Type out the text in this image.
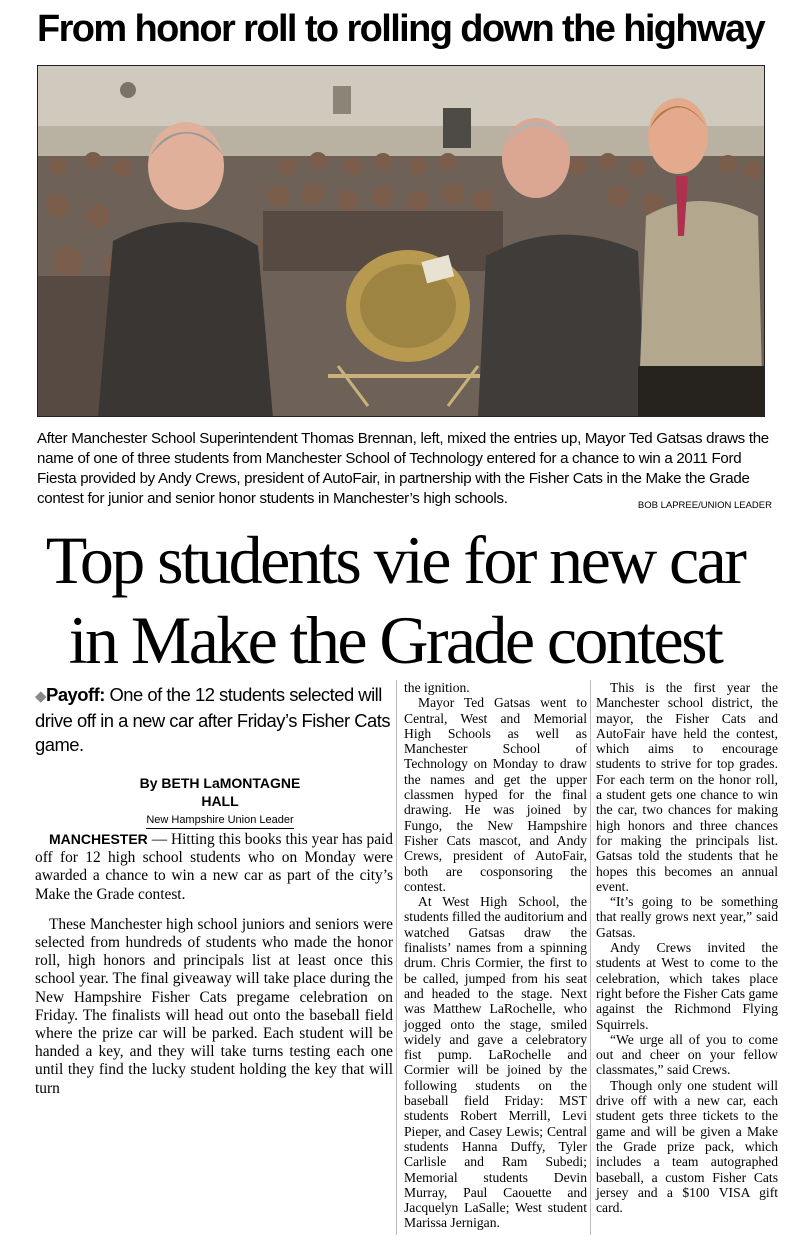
From honor roll to rolling down the highway
After Manchester School Superintendent Thomas Brennan, left, mixed the entries up, Mayor Ted Gatsas draws the name of one of three students from Manchester School of Technology entered for a chance to win a 2011 Ford Fiesta provided by Andy Crews, president of AutoFair, in partnership with the Fisher Cats in the Make the Grade contest for junior and senior honor students in Manchester’s high schools.	BOB LAPREE/UNION LEADER
Top students vie for new car
in Make the Grade contest
◆Payoff: One of the 12 students selected will drive off in a new car after Friday’s Fisher Cats game.
By BETH LaMONTAGNE HALL
New Hampshire Union Leader

MANCHESTER — Hitting this books this year has paid off for 12 high school students who on Monday were awarded a chance to win a new car as part of the city’s Make the Grade contest.

These Manchester high school juniors and seniors were selected from hundreds of students who made the honor roll, high honors and principals list at least once this school year. The final giveaway will take place during the New Hampshire Fisher Cats pregame celebration on Friday. The finalists will head out onto the baseball field where the prize car will be parked. Each student will be handed a key, and they will take turns testing each one until they find the lucky student holding the key that will turn

the ignition.

Mayor Ted Gatsas went to Central, West and Memorial High Schools as well as Manchester School of Technology on Monday to draw the names and get the upper classmen hyped for the final drawing. He was joined by Fungo, the New Hampshire Fisher Cats mascot, and Andy Crews, president of AutoFair, both are cosponsoring the contest.

At West High School, the students filled the auditorium and watched Gatsas draw the finalists’ names from a spinning drum. Chris Cormier, the first to be called, jumped from his seat and headed to the stage. Next was Matthew LaRochelle, who jogged onto the stage, smiled widely and gave a celebratory fist pump. LaRochelle and Cormier will be joined by the following students on the baseball field Friday: MST students Robert Merrill, Levi Pieper, and Casey Lewis; Central students Hanna Duffy, Tyler Carlisle and Ram Subedi; Memorial students Devin Murray, Paul Caouette and Jacquelyn LaSalle; West student Marissa Jernigan.

This is the first year the Manchester school district, the mayor, the Fisher Cats and AutoFair have held the contest, which aims to encourage students to strive for top grades. For each term on the honor roll, a student gets one chance to win the car, two chances for making high honors and three chances for making the principals list. Gatsas told the students that he hopes this becomes an annual event.

“It’s going to be something that really grows next year,” said Gatsas.

Andy Crews invited the students at West to come to the celebration, which takes place right before the Fisher Cats game against the Richmond Flying Squirrels.

“We urge all of you to come out and cheer on your fellow classmates,” said Crews.

Though only one student will drive off with a new car, each student gets three tickets to the game and will be given a Make the Grade prize pack, which includes a team autographed baseball, a custom Fisher Cats jersey and a $100 VISA gift card.
